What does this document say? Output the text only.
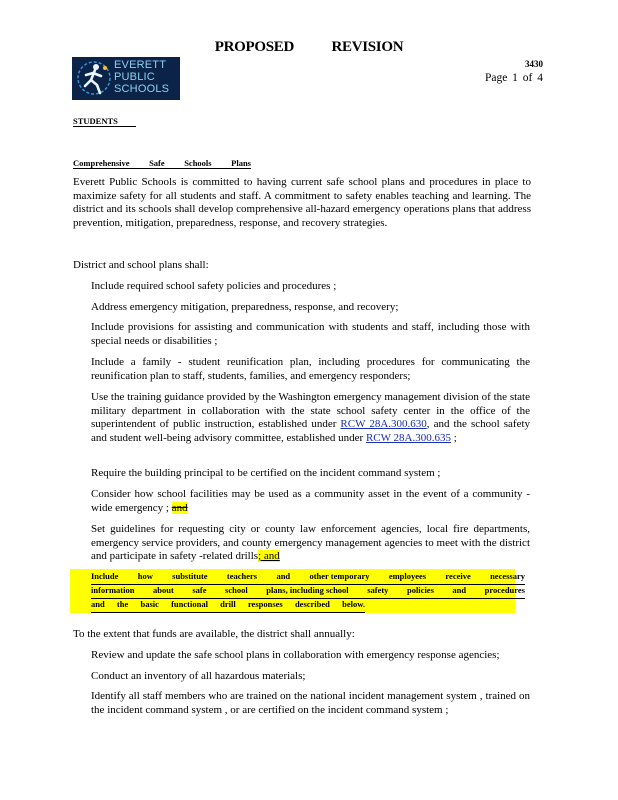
PROPOSED REVISION
EVERETT
PUBLIC
SCHOOLS
3430
Page 1 of 4
STUDENTS
Comprehensive Safe Schools Plans
Everett Public Schools is committed to having current safe school plans and procedures in place to maximize safety for all students and staff. A commitment to safety enables teaching and learning. The district and its schools shall develop comprehensive all-hazard emergency operations plans that address prevention, mitigation, preparedness, response, and recovery strategies.
District and school plans shall:
Include required school safety policies and procedures ;
Address emergency mitigation, preparedness, response, and recovery;
Include provisions for assisting and communication with students and staff, including those with special needs or disabilities ;
Include a family - student reunification plan, including procedures for communicating the reunification plan to staff, students, families, and emergency responders;
Use the training guidance provided by the Washington emergency management division of the state military department in collaboration with the state school safety center in the office of the superintendent of public instruction, established under RCW 28A.300.630, and the school safety and student well-being advisory committee, established under RCW 28A.300.635 ;
Require the building principal to be certified on the incident command system ;
Consider how school facilities may be used as a community asset in the event of a community -wide emergency ; and
Set guidelines for requesting city or county law enforcement agencies, local fire departments, emergency service providers, and county emergency management agencies to meet with the district and participate in safety -related drills; and
Include how substitute teachers and other temporary employees receive necessary
information about safe school plans, including school safety policies and procedures
and the basic functional drill responses described below.
To the extent that funds are available, the district shall annually:
Review and update the safe school plans in collaboration with emergency response agencies;
Conduct an inventory of all hazardous materials;
Identify all staff members who are trained on the national incident management system , trained on the incident command system , or are certified on the incident command system ;
